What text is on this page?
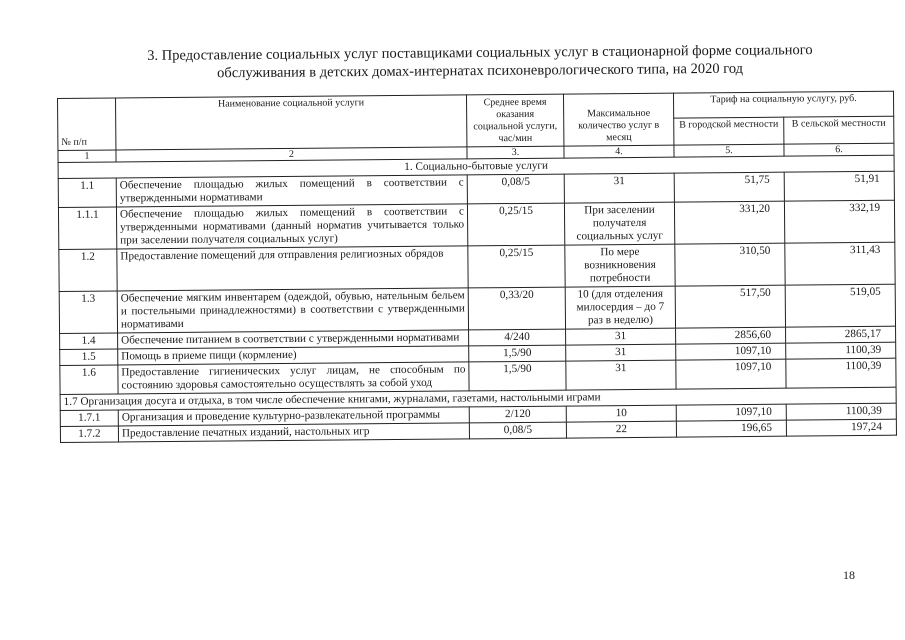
3. Предоставление социальных услуг поставщиками социальных услуг в стационарной форме социального
обслуживания в детских домах-интернатах психоневрологического типа, на 2020 год
№ п/п	Наименование социальной услуги	Среднее время оказания социальной услуги, час/мин	Максимальное количество услуг в месяц	Тариф на социальную услугу, руб.	
				В городской местности	В сельской местности
1	2	3.	4.	5.	6.
1. Социально-бытовые услуги					
1.1	Обеспечение площадью жилых помещений в соответствии с утвержденными нормативами	0,08/5	31	51,75	51,91
1.1.1	Обеспечение площадью жилых помещений в соответствии с утвержденными нормативами (данный норматив учитывается только при заселении получателя социальных услуг)	0,25/15	При заселении получателя социальных услуг	331,20	332,19
1.2	Предоставление помещений для отправления религиозных обрядов	0,25/15	По мере возникновения потребности	310,50	311,43
1.3	Обеспечение мягким инвентарем (одеждой, обувью, нательным бельем и постельными принадлежностями) в соответствии с утвержденными нормативами	0,33/20	10 (для отделения милосердия – до 7 раз в неделю)	517,50	519,05
1.4	Обеспечение питанием в соответствии с утвержденными нормативами	4/240	31	2856,60	2865,17
1.5	Помощь в приеме пищи (кормление)	1,5/90	31	1097,10	1100,39
1.6	Предоставление гигиенических услуг лицам, не способным по состоянию здоровья самостоятельно осуществлять за собой уход	1,5/90	31	1097,10	1100,39
1.7 Организация досуга и отдыха, в том числе обеспечение книгами, журналами, газетами, настольными играми					
1.7.1	Организация и проведение культурно-развлекательной программы	2/120	10	1097,10	1100,39
1.7.2	Предоставление печатных изданий, настольных игр	0,08/5	22	196,65	197,24
18
